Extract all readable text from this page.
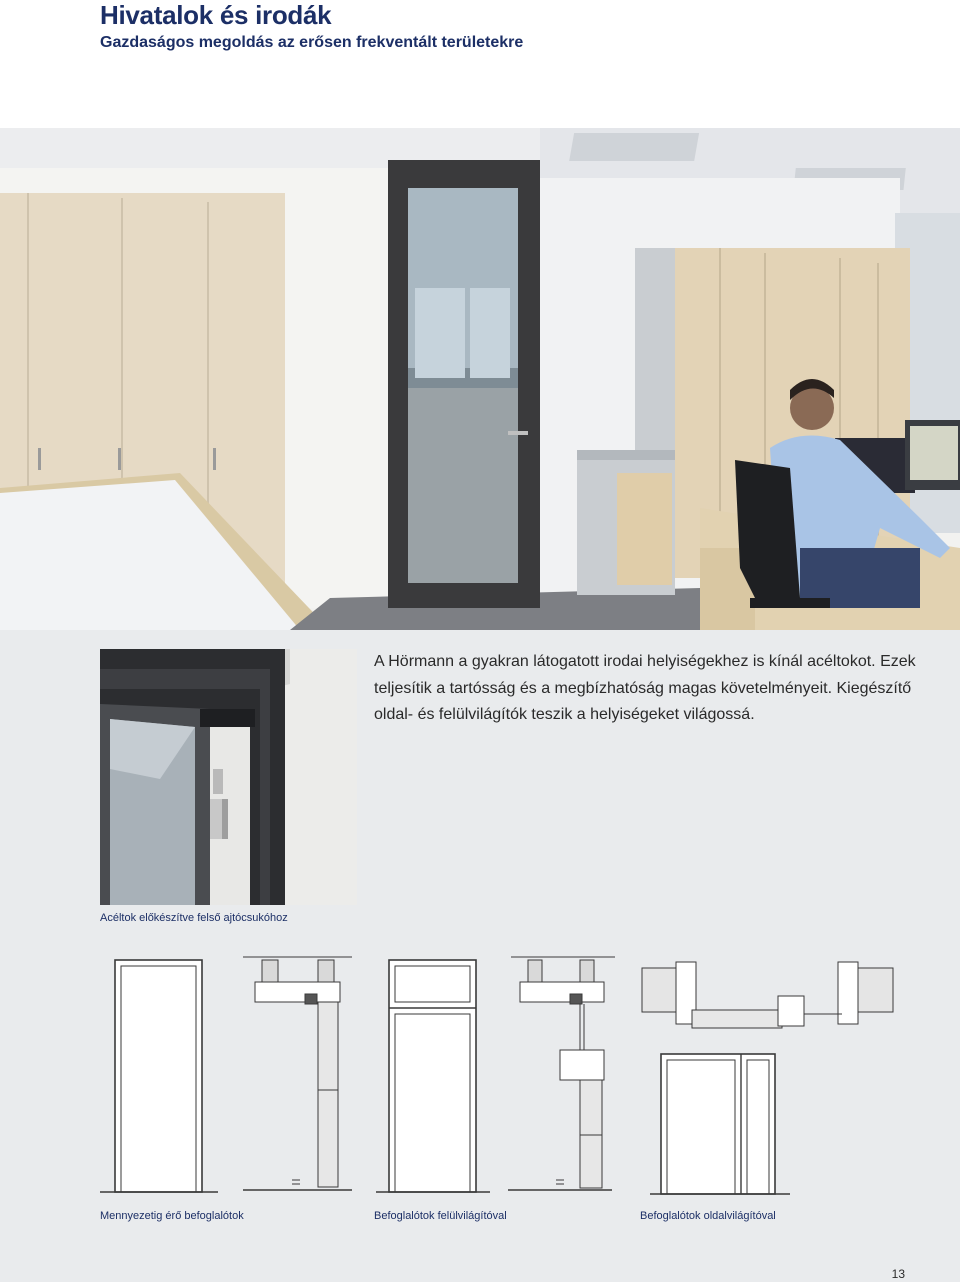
Hivatalok és irodák
Gazdaságos megoldás az erősen frekventált területekre
A Hörmann a gyakran látogatott irodai helyiségekhez is kínál acéltokot. Ezek teljesítik a tartósság és a megbízhatóság magas követelményeit. Kiegészítő oldal- és felülvilágítók teszik a helyiségeket világossá.
Acéltok előkészítve felső ajtócsukóhoz
Mennyezetig érő befoglalótok	Befoglalótok felülvilágítóval	Befoglalótok oldalvilágítóval
13
